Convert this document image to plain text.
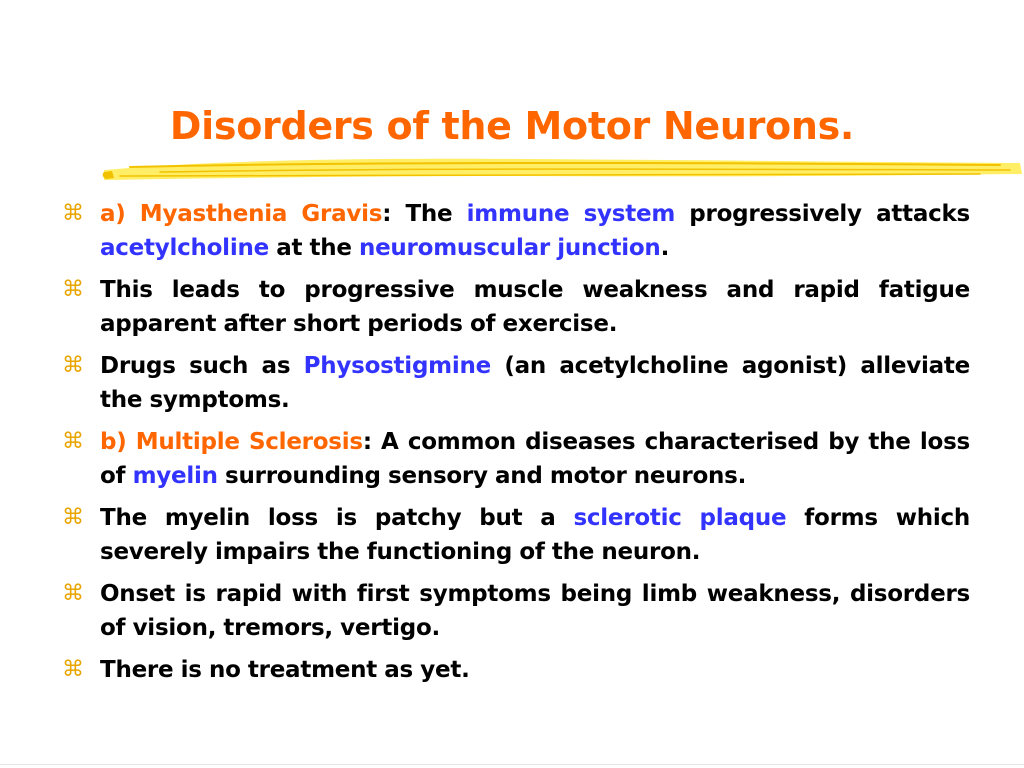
Disorders of the Motor Neurons.
⌘ a) Myasthenia Gravis: The immune system progressively attacks acetylcholine at the neuromuscular junction.
⌘ This leads to progressive muscle weakness and rapid fatigue apparent after short periods of exercise.
⌘ Drugs such as Physostigmine (an acetylcholine agonist) alleviate the symptoms.
⌘ b) Multiple Sclerosis: A common diseases characterised by the loss of myelin surrounding sensory and motor neurons.
⌘ The myelin loss is patchy but a sclerotic plaque forms which severely impairs the functioning of the neuron.
⌘ Onset is rapid with first symptoms being limb weakness, disorders of vision, tremors, vertigo.
⌘ There is no treatment as yet.
